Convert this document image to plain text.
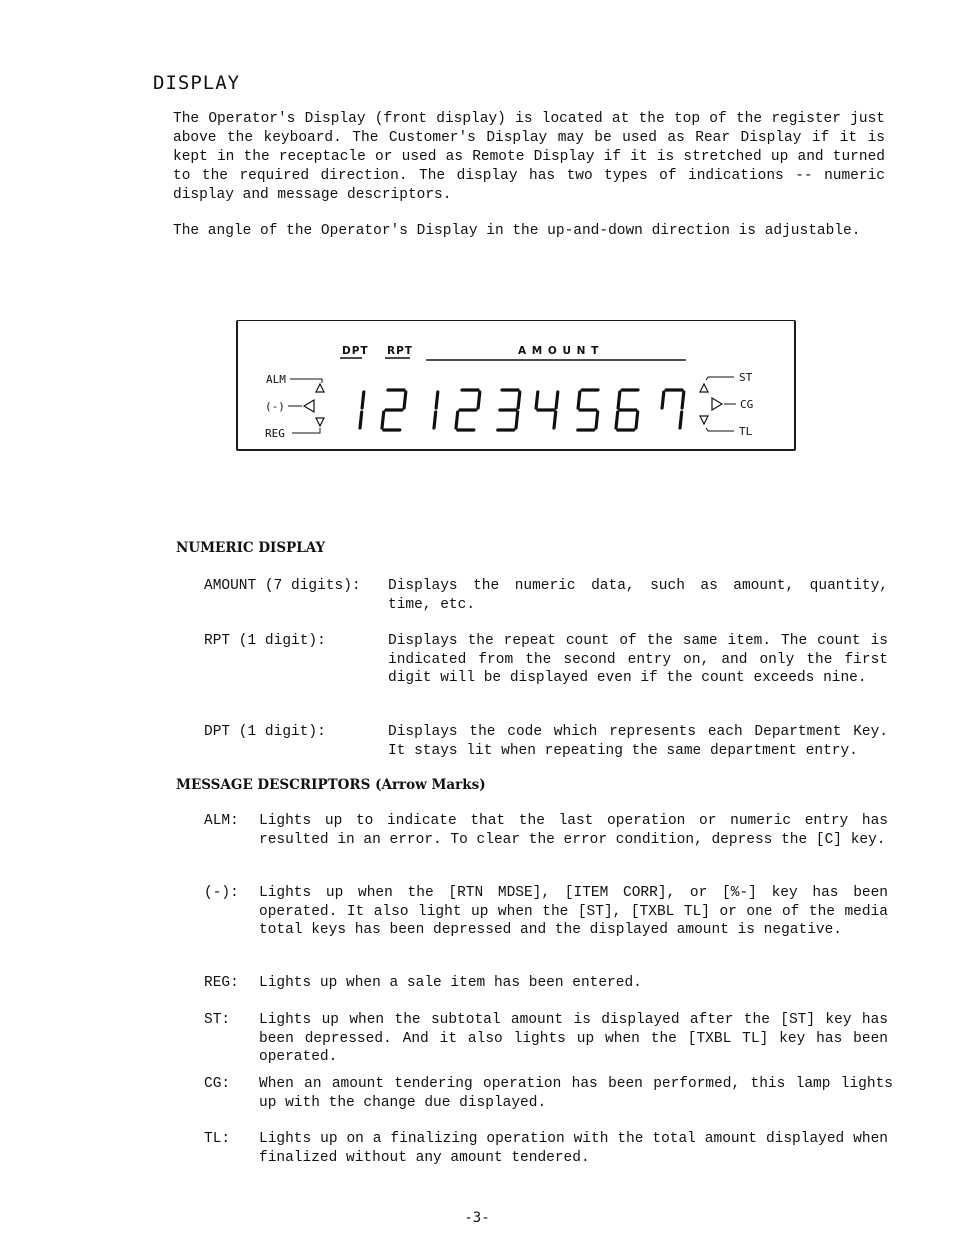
DISPLAY
The Operator's Display (front display) is located at the top of the register just above the keyboard. The Customer's Display may be used as Rear Display if it is kept in the receptacle or used as Remote Display if it is stretched up and turned to the required direction. The display has two types of indications -- numeric display and message descriptors.
The angle of the Operator's Display in the up-and-down direction is adjustable.
DPT RPT	A M O U N T
ALM
(-)
REG
ST
CG
TL
NUMERIC DISPLAY
AMOUNT (7 digits): Displays the numeric data, such as amount, quantity, time, etc.
RPT (1 digit):	Displays the repeat count of the same item. The count is indicated from the second entry on, and only the first digit will be displayed even if the count exceeds nine.
DPT (1 digit):	Displays the code which represents each Department Key. It stays lit when repeating the same department entry.
MESSAGE DESCRIPTORS (Arrow Marks)
ALM: Lights up to indicate that the last operation or numeric entry has resulted in an error. To clear the error condition, depress the [C] key.
(-): Lights up when the [RTN MDSE], [ITEM CORR], or [%-] key has been operated. It also light up when the [ST], [TXBL TL] or one of the media total keys has been depressed and the displayed amount is negative.
REG: Lights up when a sale item has been entered.
ST: Lights up when the subtotal amount is displayed after the [ST] key has been depressed. And it also lights up when the [TXBL TL] key has been operated.
CG: When an amount tendering operation has been performed, this lamp lights up with the change due displayed.
TL: Lights up on a finalizing operation with the total amount displayed when finalized without any amount tendered.
-3-
